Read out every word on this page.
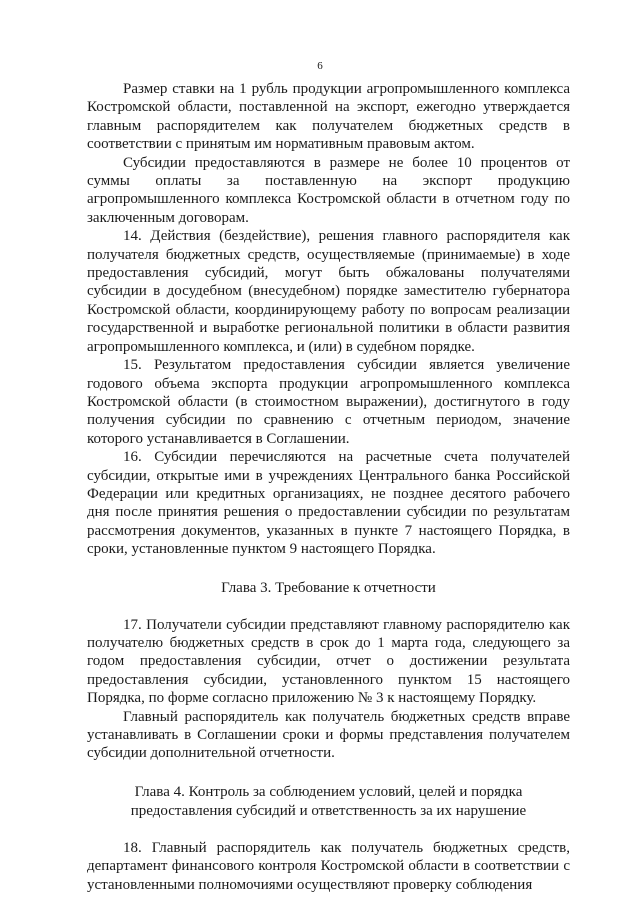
6

Размер ставки на 1 рубль продукции агропромышленного комплекса Костромской области, поставленной на экспорт, ежегодно утверждается главным распорядителем как получателем бюджетных средств в соответствии с принятым им нормативным правовым актом.

Субсидии предоставляются в размере не более 10 процентов от суммы оплаты за поставленную на экспорт продукцию агропромышленного комплекса Костромской области в отчетном году по заключенным договорам.

14. Действия (бездействие), решения главного распорядителя как получателя бюджетных средств, осуществляемые (принимаемые) в ходе предоставления субсидий, могут быть обжалованы получателями субсидии в досудебном (внесудебном) порядке заместителю губернатора Костромской области, координирующему работу по вопросам реализации государственной и выработке региональной политики в области развития агропромышленного комплекса, и (или) в судебном порядке.

15. Результатом предоставления субсидии является увеличение годового объема экспорта продукции агропромышленного комплекса Костромской области (в стоимостном выражении), достигнутого в году получения субсидии по сравнению с отчетным периодом, значение которого устанавливается в Соглашении.

16. Субсидии перечисляются на расчетные счета получателей субсидии, открытые ими в учреждениях Центрального банка Российской Федерации или кредитных организациях, не позднее десятого рабочего дня после принятия решения о предоставлении субсидии по результатам рассмотрения документов, указанных в пункте 7 настоящего Порядка, в сроки, установленные пунктом 9 настоящего Порядка.

Глава 3. Требование к отчетности

17. Получатели субсидии представляют главному распорядителю как получателю бюджетных средств в срок до 1 марта года, следующего за годом предоставления субсидии, отчет о достижении результата предоставления субсидии, установленного пунктом 15 настоящего Порядка, по форме согласно приложению № 3 к настоящему Порядку.

Главный распорядитель как получатель бюджетных средств вправе устанавливать в Соглашении сроки и формы представления получателем субсидии дополнительной отчетности.

Глава 4. Контроль за соблюдением условий, целей и порядка
предоставления субсидий и ответственность за их нарушение

18. Главный распорядитель как получатель бюджетных средств, департамент финансового контроля Костромской области в соответствии с установленными полномочиями осуществляют проверку соблюдения
